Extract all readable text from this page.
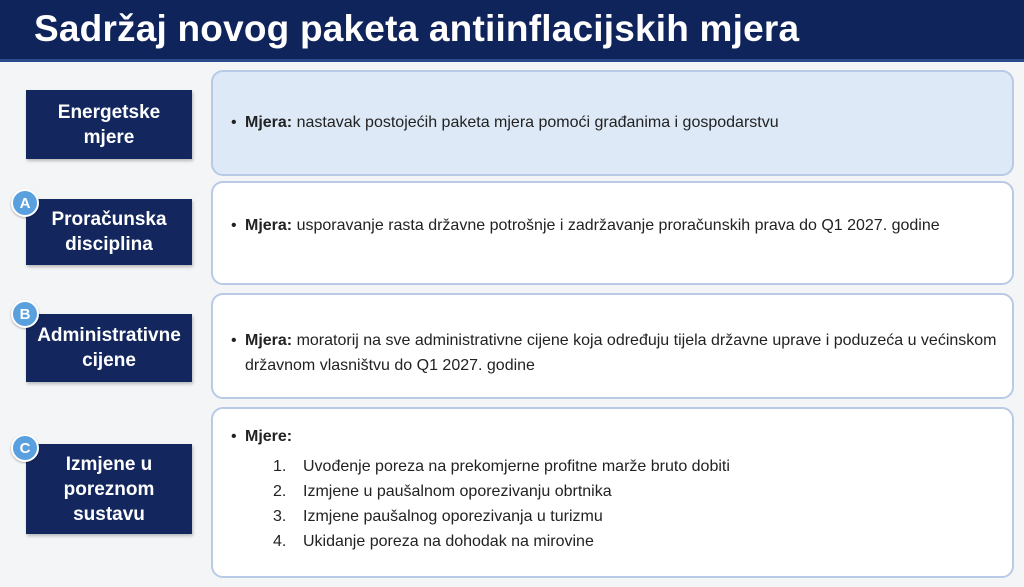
Sadržaj novog paketa antiinflacijskih mjera
Energetske
mjere
• Mjera: nastavak postojećih paketa mjera pomoći građanima i gospodarstvu
Proračunska
disciplina
A
• Mjera: usporavanje rasta državne potrošnje i zadržavanje proračunskih prava do Q1 2027. godine
Administrativne
cijene
B
• Mjera: moratorij na sve administrativne cijene koja određuju tijela državne uprave i poduzeća u većinskom državnom vlasništvu do Q1 2027. godine
Izmjene u
poreznom
sustavu
C
• Mjere:
1.	Uvođenje poreza na prekomjerne profitne marže bruto dobiti
2.	Izmjene u paušalnom oporezivanju obrtnika
3.	Izmjene paušalnog oporezivanja u turizmu
4.	Ukidanje poreza na dohodak na mirovine
